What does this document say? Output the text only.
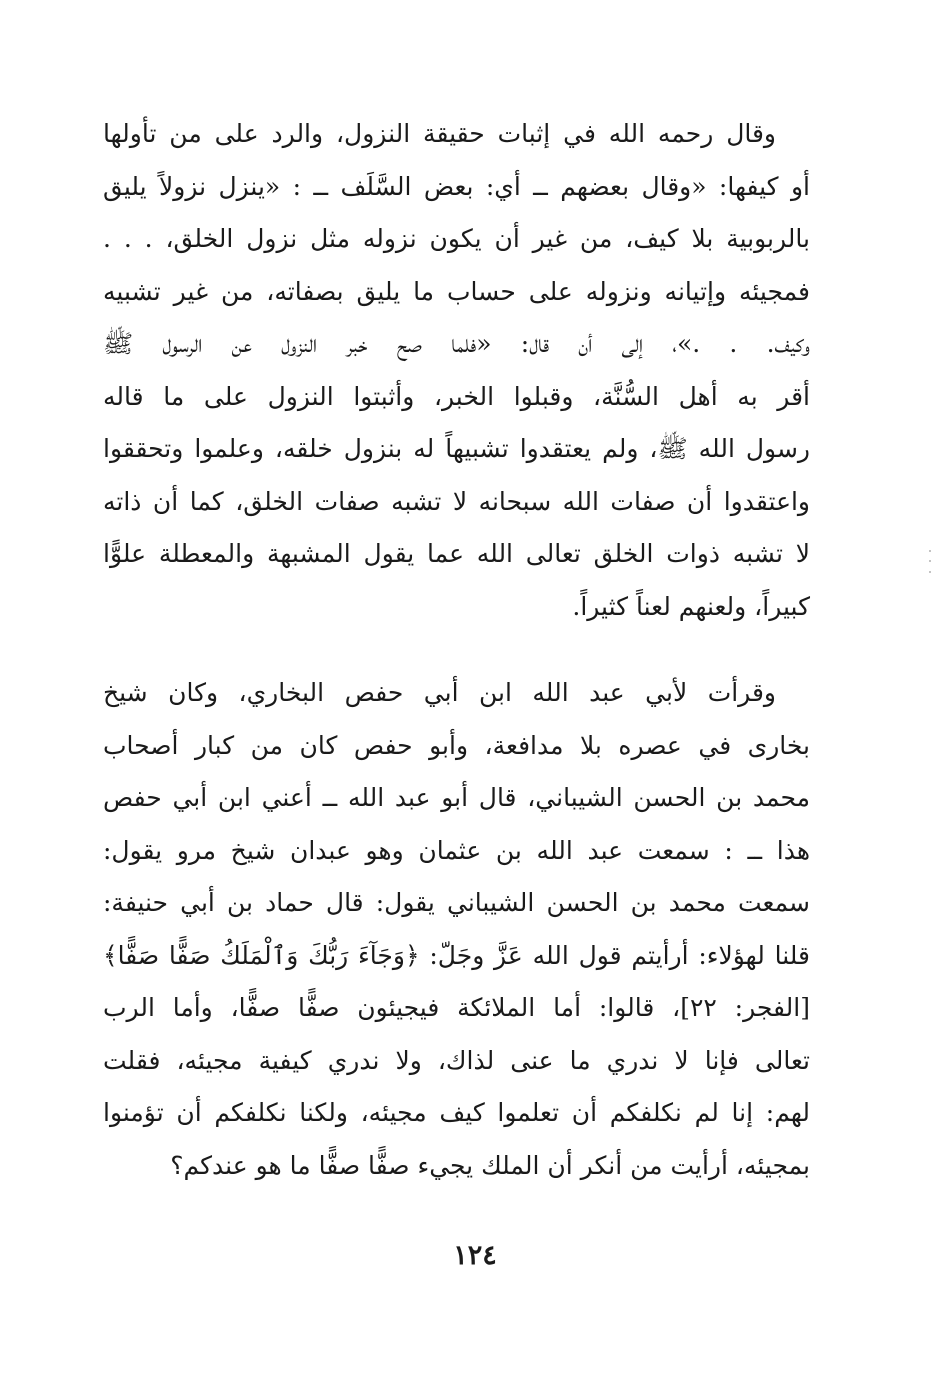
وقال رحمه الله في إثبات حقيقة النزول، والرد على من تأولها
أو كيفها: «وقال بعضهم ــ أي: بعض السَّلَف ــ : «ينزل نزولاً يليق
بالربوبية بلا كيف، من غير أن يكون نزوله مثل نزول الخلق، . . .
فمجيئه وإتيانه ونزوله على حساب ما يليق بصفاته، من غير تشبيه
وكيف. . .»، إلى أن قال: «فلما صح خبر النزول عن الرسول ﷺ
أقر به أهل السُّنَّة، وقبلوا الخبر، وأثبتوا النزول على ما قاله
رسول الله ﷺ، ولم يعتقدوا تشبيهاً له بنزول خلقه، وعلموا وتحققوا
واعتقدوا أن صفات الله سبحانه لا تشبه صفات الخلق، كما أن ذاته
لا تشبه ذوات الخلق تعالى الله عما يقول المشبهة والمعطلة علوًّا
كبيراً، ولعنهم لعناً كثيراً.
وقرأت لأبي عبد الله ابن أبي حفص البخاري، وكان شيخ
بخارى في عصره بلا مدافعة، وأبو حفص كان من كبار أصحاب
محمد بن الحسن الشيباني، قال أبو عبد الله ــ أعني ابن أبي حفص
هذا ــ : سمعت عبد الله بن عثمان وهو عبدان شيخ مرو يقول:
سمعت محمد بن الحسن الشيباني يقول: قال حماد بن أبي حنيفة:
قلنا لهؤلاء: أرأيتم قول الله عَزَّ وجَلّ: ﴿وَجَآءَ رَبُّكَ وَٱلْمَلَكُ صَفًّا صَفًّا﴾
[الفجر: ٢٢]، قالوا: أما الملائكة فيجيئون صفًّا صفًّا، وأما الرب
تعالى فإنا لا ندري ما عنى لذاك، ولا ندري كيفية مجيئه، فقلت
لهم: إنا لم نكلفكم أن تعلموا كيف مجيئه، ولكنا نكلفكم أن تؤمنوا
بمجيئه، أرأيت من أنكر أن الملك يجيء صفًّا صفًّا ما هو عندكم؟
١٢٤
